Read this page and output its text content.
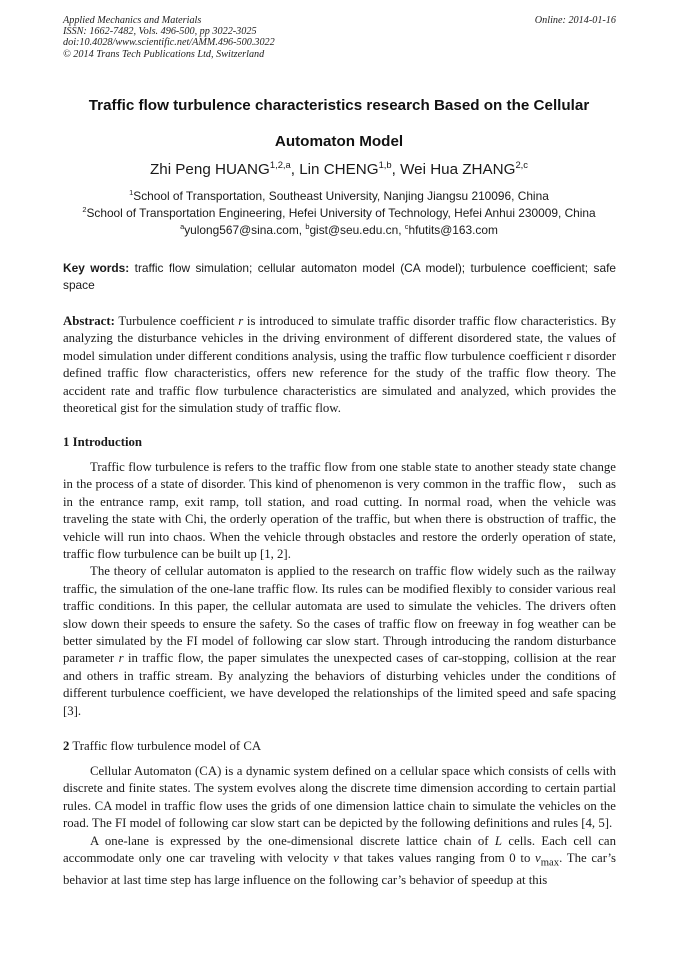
Applied Mechanics and Materials
ISSN: 1662-7482, Vols. 496-500, pp 3022-3025
doi:10.4028/www.scientific.net/AMM.496-500.3022
© 2014 Trans Tech Publications Ltd, Switzerland
Online: 2014-01-16
Traffic flow turbulence characteristics research Based on the Cellular
Automaton Model
Zhi Peng HUANG$^{1,2,a}$, Lin CHENG$^{1,b}$, Wei Hua ZHANG$^{2,c}$
$^1$School of Transportation, Southeast University, Nanjing Jiangsu 210096, China
$^2$School of Transportation Engineering, Hefei University of Technology, Hefei Anhui 230009, China
$^a$yulong567@sina.com, $^b$gist@seu.edu.cn, $^c$hfutits@163.com
Key words: traffic flow simulation; cellular automaton model (CA model); turbulence coefficient; safe space
Abstract: Turbulence coefficient r is introduced to simulate traffic disorder traffic flow characteristics. By analyzing the disturbance vehicles in the driving environment of different disordered state, the values of model simulation under different conditions analysis, using the traffic flow turbulence coefficient r disorder defined traffic flow characteristics, offers new reference for the study of the traffic flow theory. The accident rate and traffic flow turbulence characteristics are simulated and analyzed, which provides the theoretical gist for the simulation study of traffic flow.
1 Introduction

Traffic flow turbulence is refers to the traffic flow from one stable state to another steady state change in the process of a state of disorder. This kind of phenomenon is very common in the traffic flow， such as in the entrance ramp, exit ramp, toll station, and road cutting. In normal road, when the vehicle was traveling the state with Chi, the orderly operation of the traffic, but when there is obstruction of traffic, the vehicle will run into chaos. When the vehicle through obstacles and restore the orderly operation of state, traffic flow turbulence can be built up [1, 2].

The theory of cellular automaton is applied to the research on traffic flow widely such as the railway traffic, the simulation of the one-lane traffic flow. Its rules can be modified flexibly to consider various real traffic conditions. In this paper, the cellular automata are used to simulate the vehicles. The drivers often slow down their speeds to ensure the safety. So the cases of traffic flow on freeway in fog weather can be better simulated by the FI model of following car slow start. Through introducing the random disturbance parameter r in traffic flow, the paper simulates the unexpected cases of car-stopping, collision at the rear and others in traffic stream. By analyzing the behaviors of disturbing vehicles under the conditions of different turbulence coefficient, we have developed the relationships of the limited speed and safe spacing [3].

2 Traffic flow turbulence model of CA

Cellular Automaton (CA) is a dynamic system defined on a cellular space which consists of cells with discrete and finite states. The system evolves along the discrete time dimension according to certain partial rules. CA model in traffic flow uses the grids of one dimension lattice chain to simulate the vehicles on the road. The FI model of following car slow start can be depicted by the following definitions and rules [4, 5].

A one-lane is expressed by the one-dimensional discrete lattice chain of L cells. Each cell can accommodate only one car traveling with velocity v that takes values ranging from 0 to $v_{max}$. The car’s behavior at last time step has large influence on the following car’s behavior of speedup at this
